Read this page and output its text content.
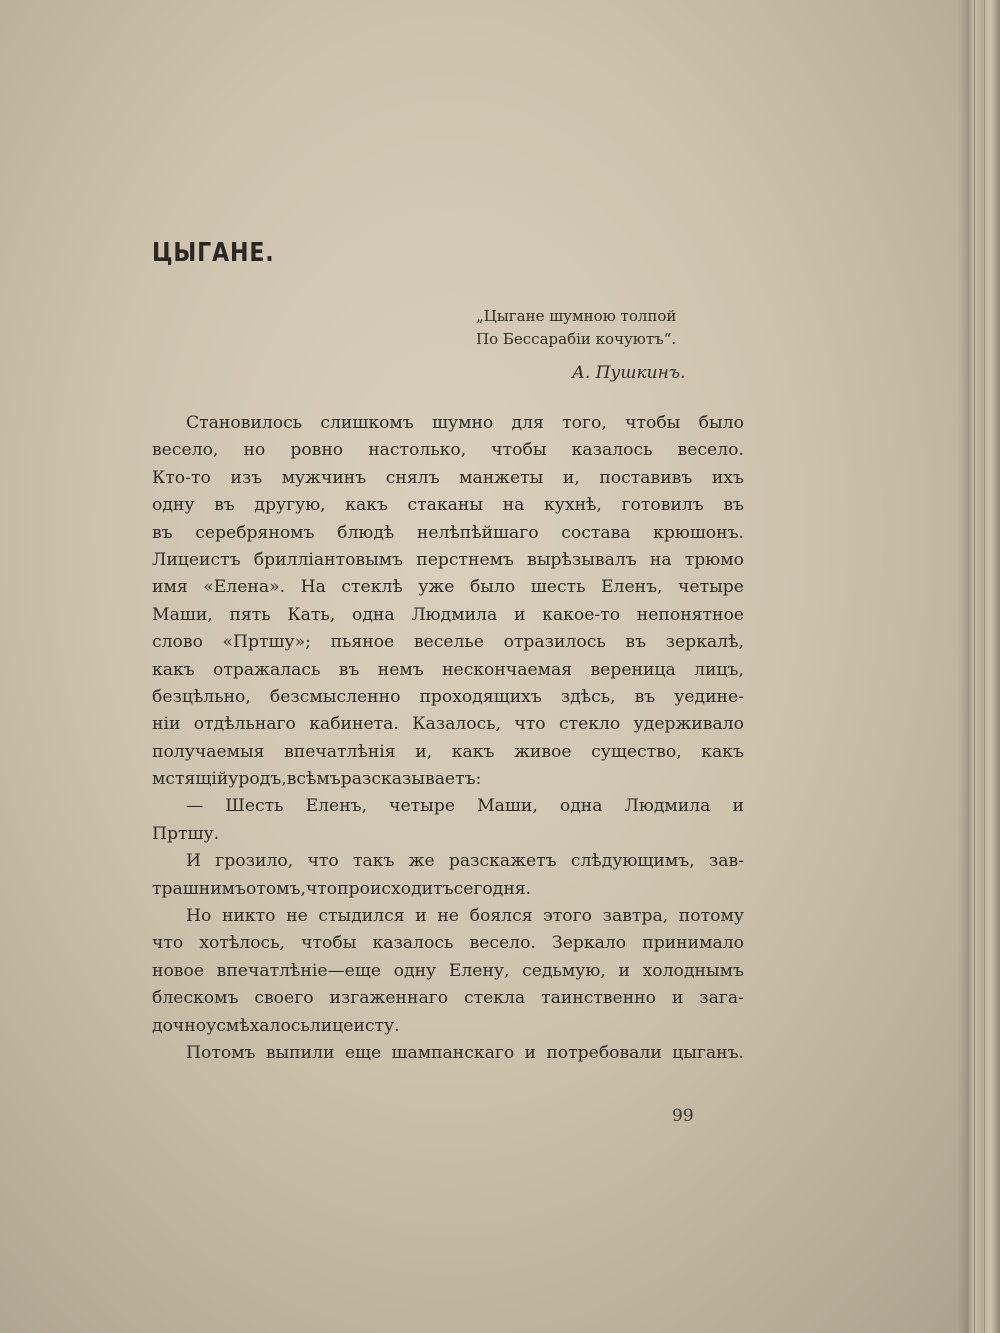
ЦЫГАНЕ.
„Цыгане шумною толпой
По Бессарабіи кочуютъ“.
А. Пушкинъ.
Становилось слишкомъ шумно для того, чтобы было
весело, но ровно настолько, чтобы казалось весело.
Кто-то изъ мужчинъ снялъ манжеты и, поставивъ ихъ
одну въ другую, какъ стаканы на кухнѣ, готовилъ въ
въ серебряномъ блюдѣ нелѣпѣйшаго состава крюшонъ.
Лицеистъ брилліантовымъ перстнемъ вырѣзывалъ на трюмо
имя «Елена». На стеклѣ уже было шесть Еленъ, четыре
Маши, пять Кать, одна Людмила и какое-то непонятное
слово «Пртшу»; пьяное веселье отразилось въ зеркалѣ,
какъ отражалась въ немъ нескончаемая вереница лицъ,
безцѣльно, безсмысленно проходящихъ здѣсь, въ уедине-
ніи отдѣльнаго кабинета. Казалось, что стекло удерживало
получаемыя впечатлѣнія и, какъ живое существо, какъ
мстящій уродъ, всѣмъ разсказываетъ:
— Шесть Еленъ, четыре Маши, одна Людмила и
Пртшу.
И грозило, что такъ же разскажетъ слѣдующимъ, зав-
трашнимъ о томъ, что происходитъ сегодня.
Но никто не стыдился и не боялся этого завтра, потому
что хотѣлось, чтобы казалось весело. Зеркало принимало
новое впечатлѣніе—еще одну Елену, седьмую, и холоднымъ
блескомъ своего изгаженнаго стекла таинственно и зага-
дочно усмѣхалось лицеисту.
Потомъ выпили еще шампанскаго и потребовали цыганъ.
99
